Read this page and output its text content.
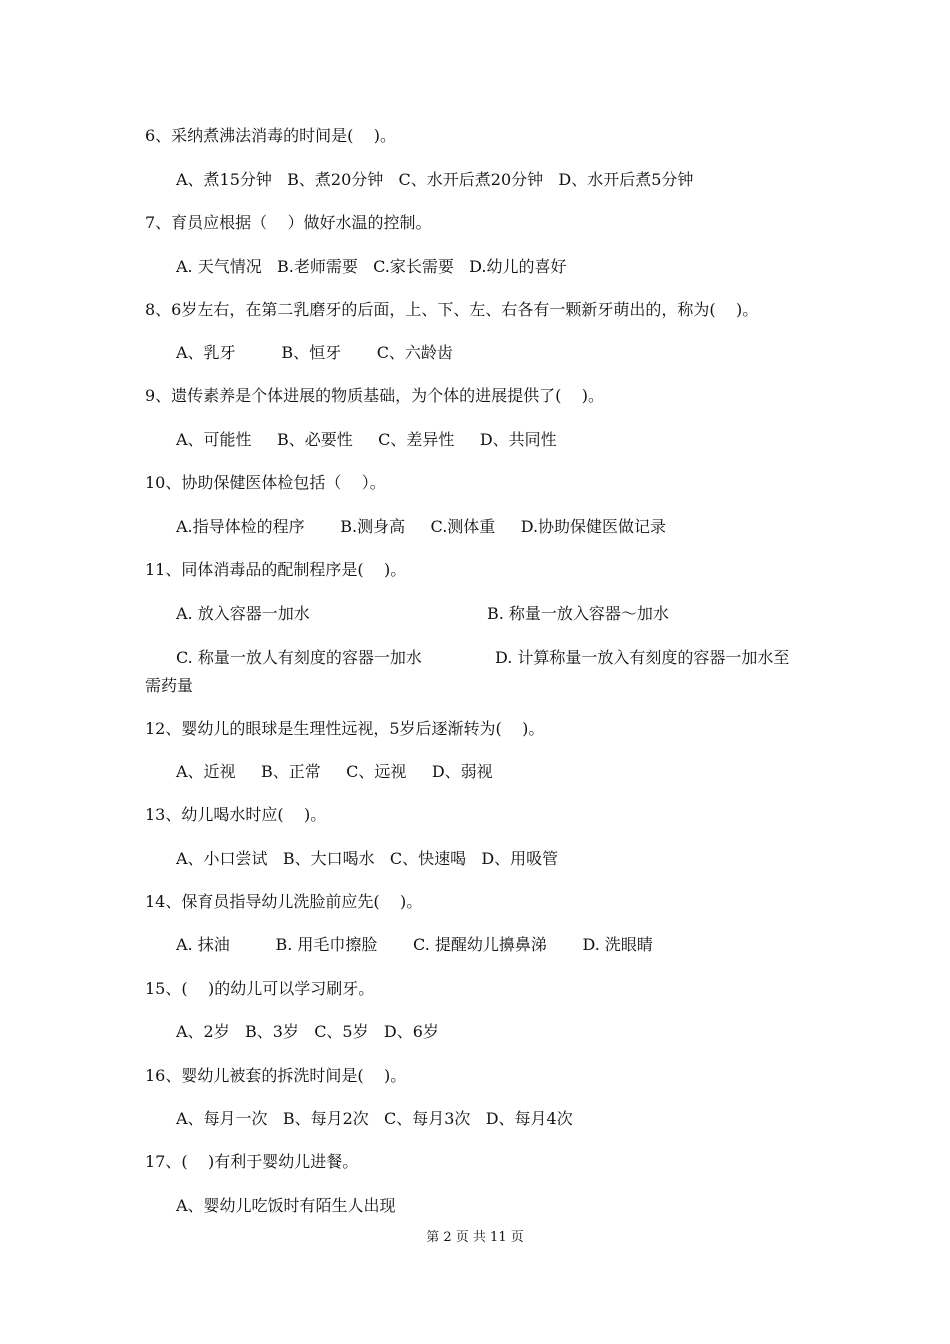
6、采纳煮沸法消毒的时间是(    )。
A、煮15分钟   B、煮20分钟   C、水开后煮20分钟   D、水开后煮5分钟
7、育员应根据（    ）做好水温的控制。
A. 天气情况   B.老师需要   C.家长需要   D.幼儿的喜好
8、6岁左右，在第二乳磨牙的后面，上、下、左、右各有一颗新牙萌出的，称为(    )。
A、乳牙         B、恒牙       C、六龄齿
9、遗传素养是个体进展的物质基础，为个体的进展提供了(    )。
A、可能性     B、必要性     C、差异性     D、共同性
10、协助保健医体检包括（    ）。
A.指导体检的程序       B.测身高     C.测体重     D.协助保健医做记录
11、同体消毒品的配制程序是(    )。
A. 放入容器一加水	B. 称量一放入容器～加水
C. 称量一放人有刻度的容器一加水	D. 计算称量一放入有刻度的容器一加水至
需药量
12、婴幼儿的眼球是生理性远视，5岁后逐渐转为(    )。
A、近视     B、正常     C、远视     D、弱视
13、幼儿喝水时应(    )。
A、小口尝试   B、大口喝水   C、快速喝   D、用吸管
14、保育员指导幼儿洗脸前应先(    )。
A. 抹油         B. 用毛巾擦脸       C. 提醒幼儿擤鼻涕       D. 洗眼睛
15、(    )的幼儿可以学习刷牙。
A、2岁   B、3岁   C、5岁   D、6岁
16、婴幼儿被套的拆洗时间是(    )。
A、每月一次   B、每月2次   C、每月3次   D、每月4次
17、(    )有利于婴幼儿进餐。
A、婴幼儿吃饭时有陌生人出现
第 2 页 共 11 页
